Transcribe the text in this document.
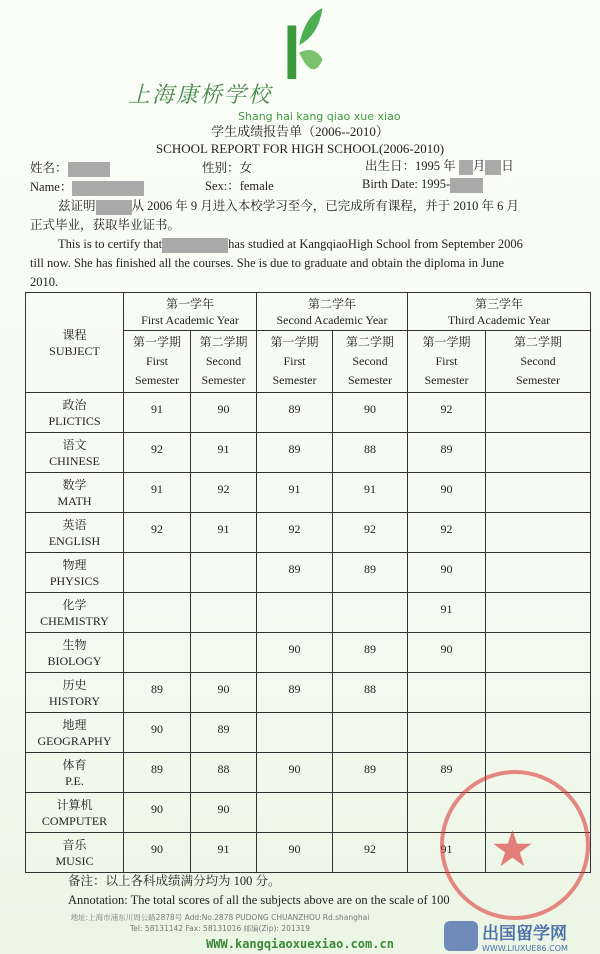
上海康桥学校
Shang hai kang qiao xue xiao
学生成绩报告单（2006--2010）
SCHOOL REPORT FOR HIGH SCHOOL(2006-2010)
姓名：	性别：女	出生日：1995 年 月 日
Name：	Sex:：female	Birth Date: 1995-
兹证明	从 2006 年 9 月进入本校学习至今，已完成所有课程，并于 2010 年 6 月
正式毕业，获取毕业证书。
This is to certify that	has studied at KangqiaoHigh School from September 2006
till now. She has finished all the courses. She is due to graduate and obtain the diploma in June
2010.
课程
SUBJECT	第一学年
First Academic Year		第二学年
Second Academic Year		第三学年
Third Academic Year	
	第一学期
First
Semester	第二学期
Second
Semester	第一学期
First
Semester	第二学期
Second
Semester	第一学期
First
Semester	第二学期
Second
Semester
政治
PLICTICS	91	90	89	90	92	
语文
CHINESE	92	91	89	88	89	
数学
MATH	91	92	91	91	90	
英语
ENGLISH	92	91	92	92	92	
物理
PHYSICS			89	89	90	
化学
CHEMISTRY					91	
生物
BIOLOGY			90	89	90	
历史
HISTORY	89	90	89	88		
地理
GEOGRAPHY	90	89				
体育
P.E.	89	88	90	89	89	
计算机
COMPUTER	90	90				
音乐
MUSIC	90	91	90	92	91	
备注：以上各科成绩满分均为 100 分。
Annotation: The total scores of all the subjects above are on the scale of 100
★
地址:上海市浦东川周公路2878号 Add:No.2878 PUDONG CHUANZHOU Rd.shanghai
Tel: 58131142 Fax: 58131016 邮编(Zip): 201319
WWW.kangqiaoxuexiao.com.cn	出国留学网
WWW.LIUXUE86.COM
